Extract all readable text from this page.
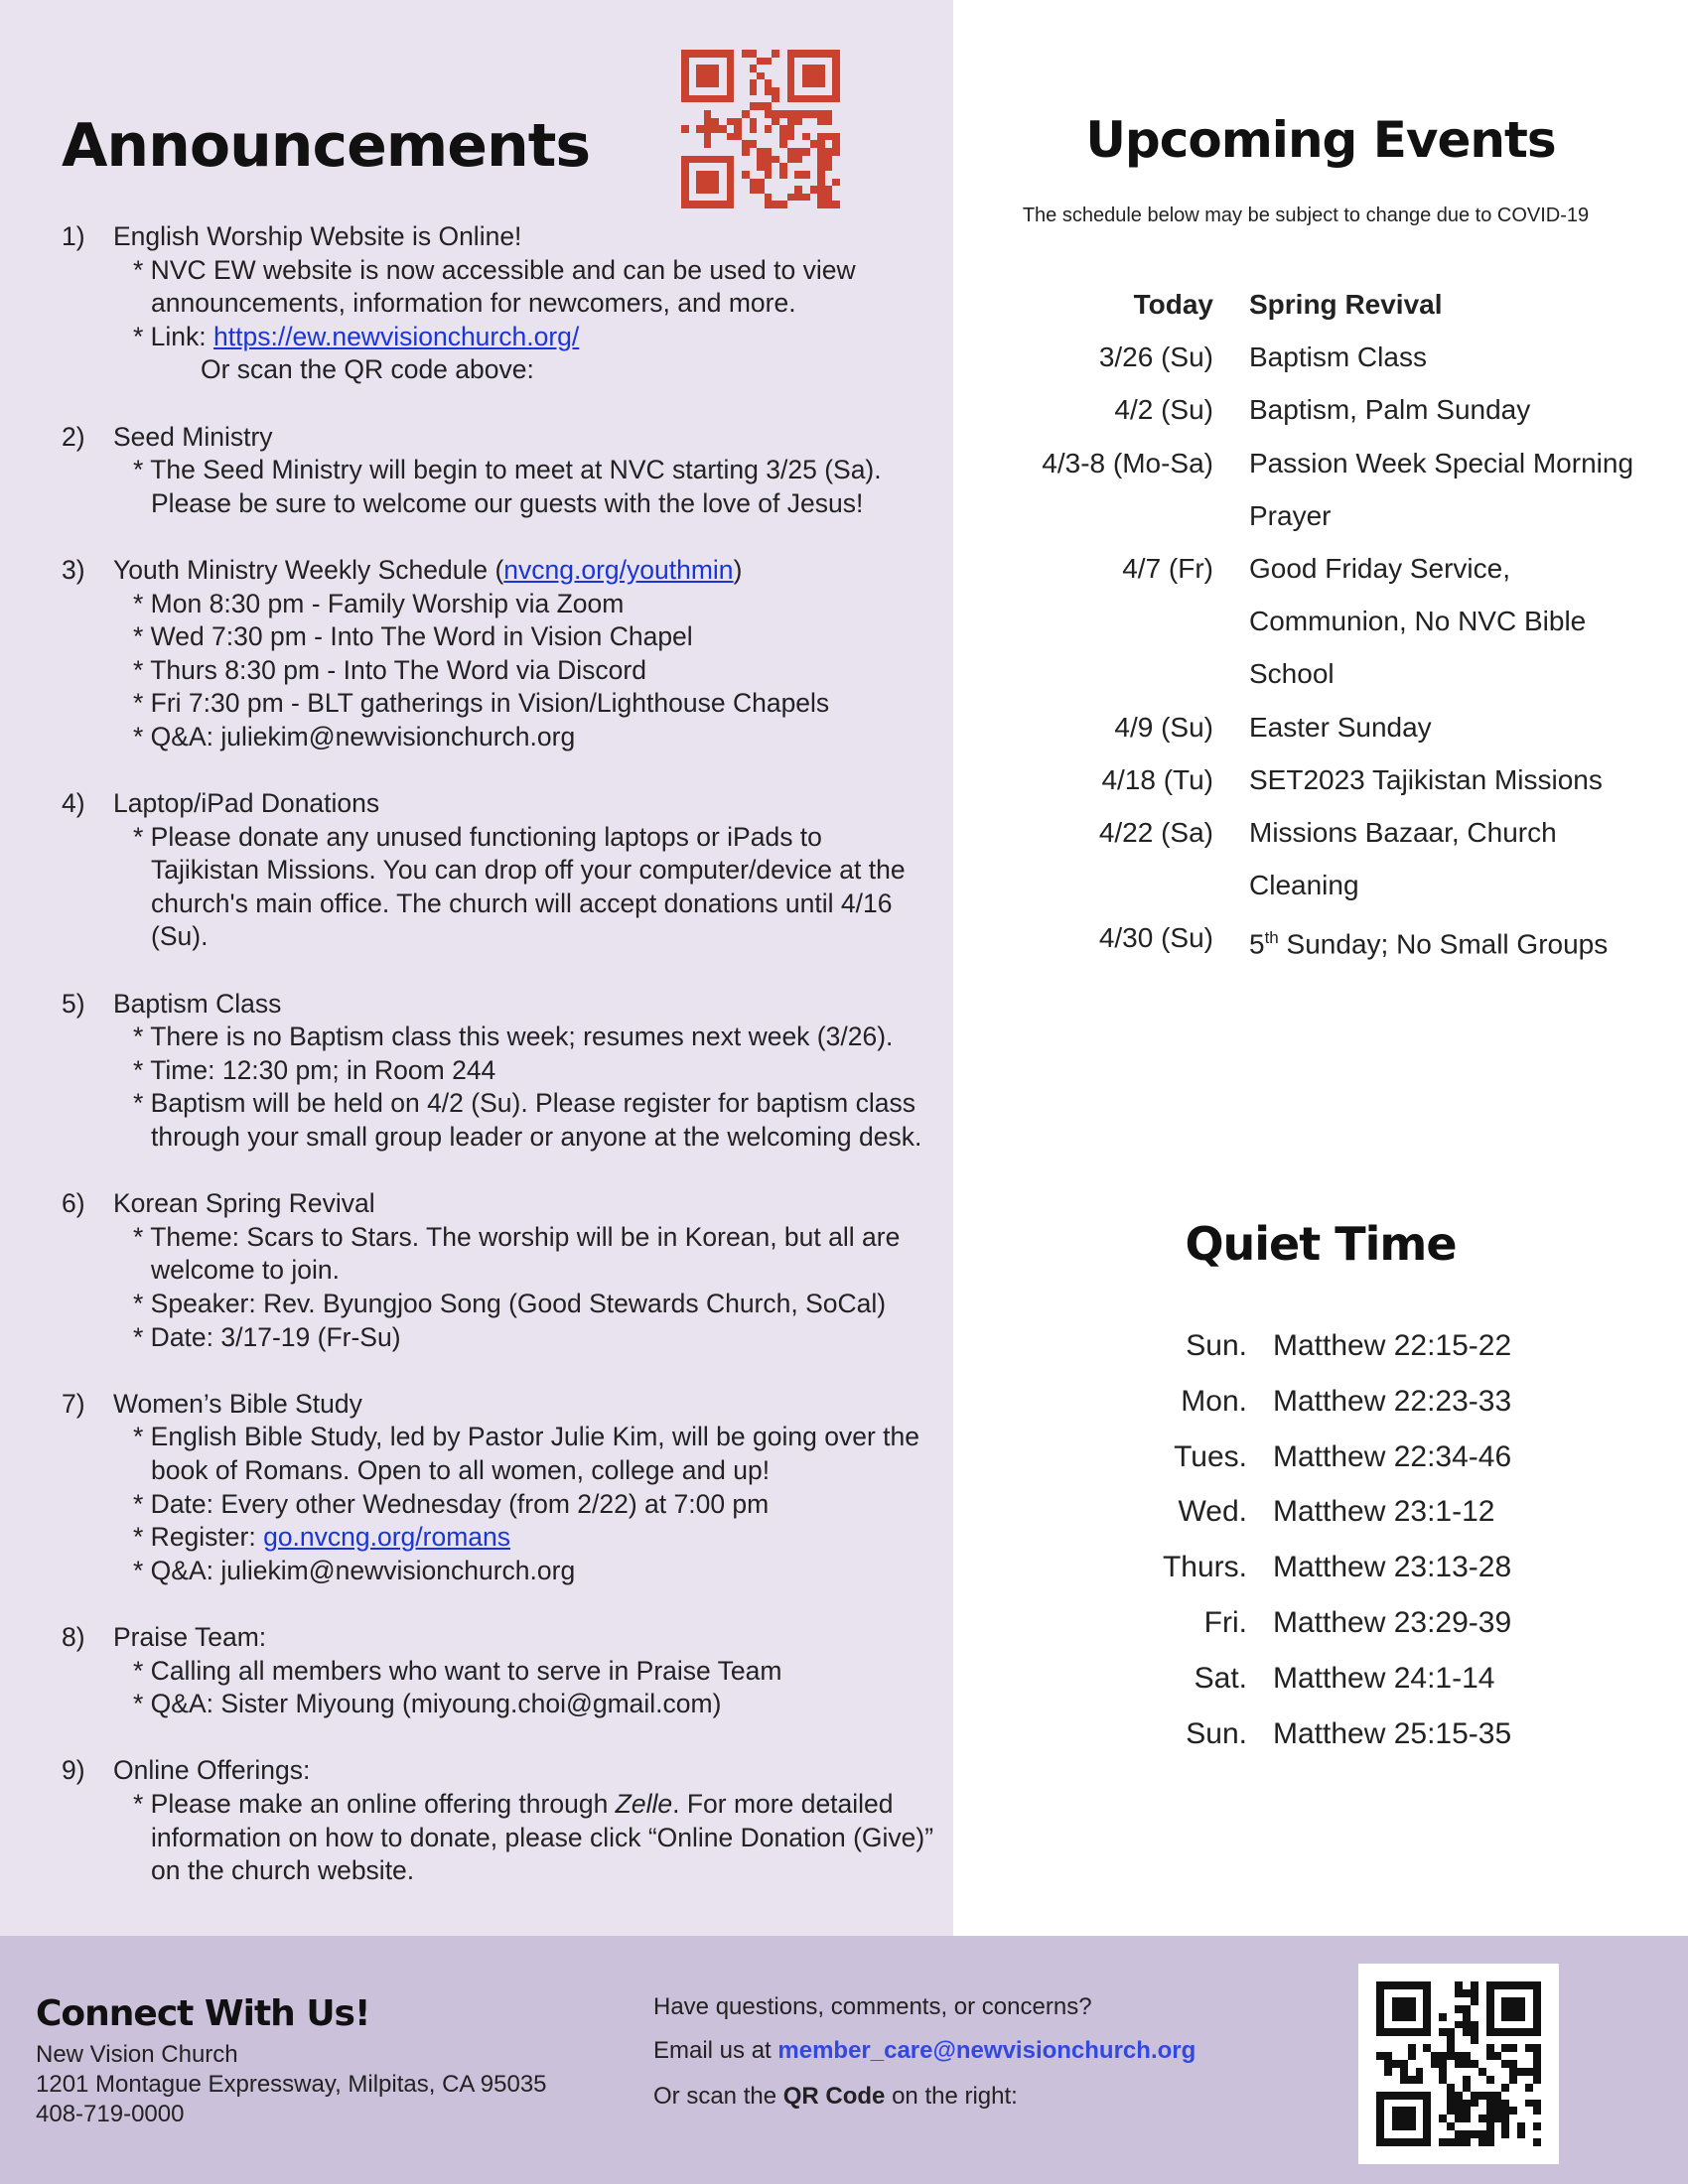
Announcements
1)	English Worship Website is Online!
* NVC EW website is now accessible and can be used to view announcements, information for newcomers, and more.
* Link: https://ew.newvisionchurch.org/
Or scan the QR code above:
2)	Seed Ministry
* The Seed Ministry will begin to meet at NVC starting 3/25 (Sa). Please be sure to welcome our guests with the love of Jesus!
3)	Youth Ministry Weekly Schedule (nvcng.org/youthmin)
* Mon 8:30 pm - Family Worship via Zoom
* Wed 7:30 pm - Into The Word in Vision Chapel
* Thurs 8:30 pm - Into The Word via Discord
* Fri 7:30 pm - BLT gatherings in Vision/Lighthouse Chapels
* Q&A: juliekim@newvisionchurch.org
4)	Laptop/iPad Donations
* Please donate any unused functioning laptops or iPads to Tajikistan Missions. You can drop off your computer/device at the church's main office. The church will accept donations until 4/16 (Su).
5)	Baptism Class
* There is no Baptism class this week; resumes next week (3/26).
* Time: 12:30 pm; in Room 244
* Baptism will be held on 4/2 (Su). Please register for baptism class through your small group leader or anyone at the welcoming desk.
6)	Korean Spring Revival
* Theme: Scars to Stars. The worship will be in Korean, but all are welcome to join.
* Speaker: Rev. Byungjoo Song (Good Stewards Church, SoCal)
* Date: 3/17-19 (Fr-Su)
7)	Women’s Bible Study
* English Bible Study, led by Pastor Julie Kim, will be going over the book of Romans. Open to all women, college and up!
* Date: Every other Wednesday (from 2/22) at 7:00 pm
* Register: go.nvcng.org/romans
* Q&A: juliekim@newvisionchurch.org
8)	Praise Team:
* Calling all members who want to serve in Praise Team
* Q&A: Sister Miyoung (miyoung.choi@gmail.com)
9)	Online Offerings:
* Please make an online offering through Zelle. For more detailed information on how to donate, please click “Online Donation (Give)” on the church website.
Upcoming Events
The schedule below may be subject to change due to COVID-19
Today	Spring Revival
3/26 (Su)	Baptism Class
4/2 (Su)	Baptism, Palm Sunday
4/3-8 (Mo-Sa)	Passion Week Special Morning Prayer
4/7 (Fr)	Good Friday Service, Communion, No NVC Bible School
4/9 (Su)	Easter Sunday
4/18 (Tu)	SET2023 Tajikistan Missions
4/22 (Sa)	Missions Bazaar, Church Cleaning
4/30 (Su)	5th Sunday; No Small Groups
Quiet Time
Sun. Matthew 22:15-22
Mon. Matthew 22:23-33
Tues. Matthew 22:34-46
Wed. Matthew 23:1-12
Thurs. Matthew 23:13-28
Fri. Matthew 23:29-39
Sat. Matthew 24:1-14
Sun. Matthew 25:15-35
Connect With Us!
New Vision Church
1201 Montague Expressway, Milpitas, CA 95035
408-719-0000
Have questions, comments, or concerns?
Email us at member_care@newvisionchurch.org
Or scan the QR Code on the right:
